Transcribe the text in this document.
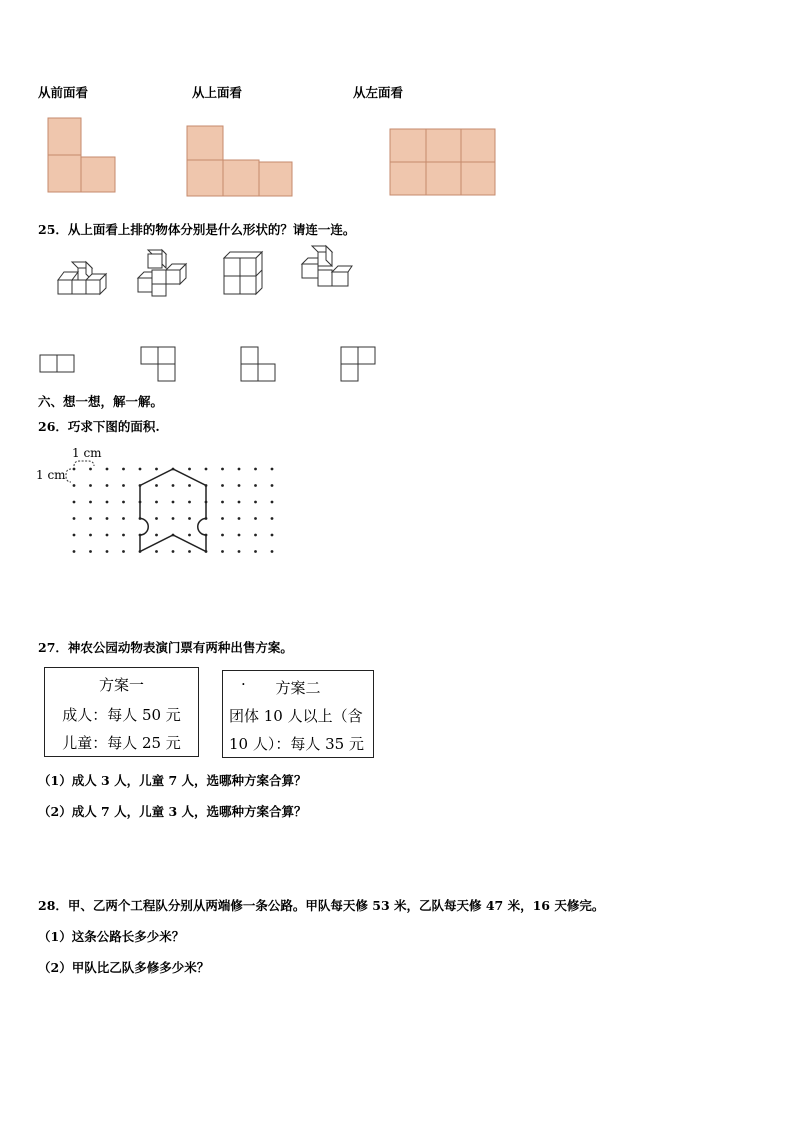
从前面看	从上面看	从左面看
25．从上面看上排的物体分别是什么形状的？请连一连。
六、想一想，解一解。
26．巧求下图的面积.
1 cm
1 cm
27．神农公园动物表演门票有两种出售方案。
方案一
成人：每人 50 元
儿童：每人 25 元
·	方案二
团体 10 人以上（含
10 人）：每人 35 元
（1）成人 3 人，儿童 7 人，选哪种方案合算？
（2）成人 7 人，儿童 3 人，选哪种方案合算？
28．甲、乙两个工程队分别从两端修一条公路。甲队每天修 53 米，乙队每天修 47 米，16 天修完。
（1）这条公路长多少米？
（2）甲队比乙队多修多少米？
